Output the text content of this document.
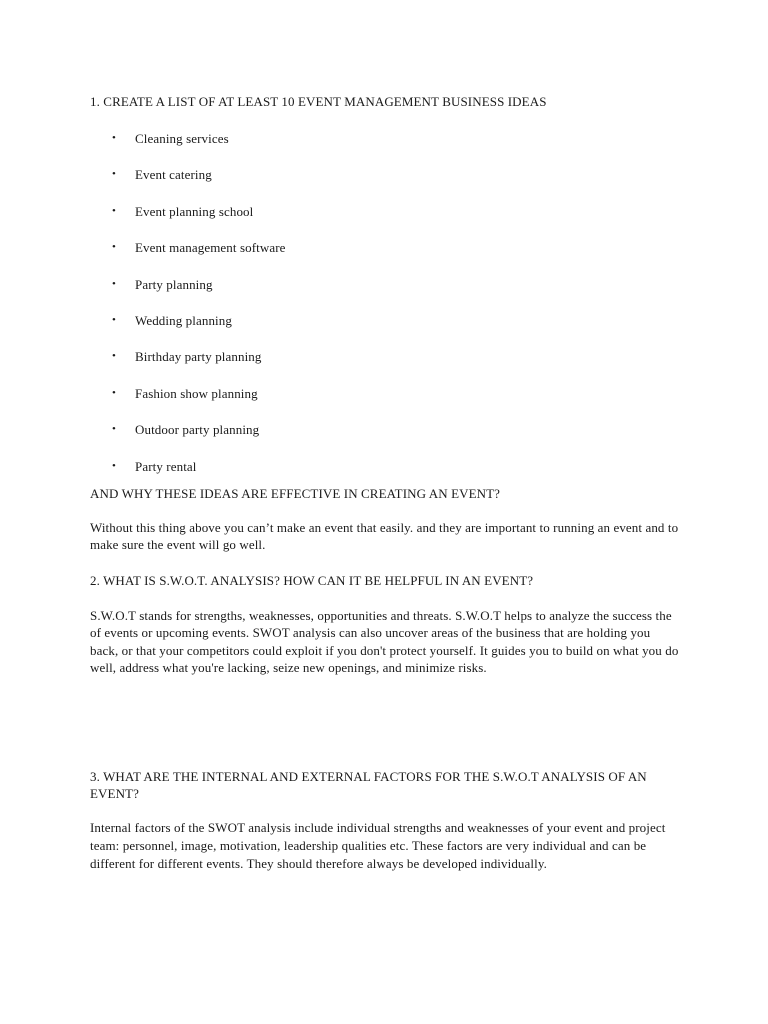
1. CREATE A LIST OF AT LEAST 10 EVENT MANAGEMENT BUSINESS IDEAS
• Cleaning services
• Event catering
• Event planning school
• Event management software
• Party planning
• Wedding planning
• Birthday party planning
• Fashion show planning
• Outdoor party planning
• Party rental
AND WHY THESE IDEAS ARE EFFECTIVE IN CREATING AN EVENT?

Without this thing above you can’t make an event that easily. and they are important to running an event and to make sure the event will go well.

2. WHAT IS S.W.O.T. ANALYSIS? HOW CAN IT BE HELPFUL IN AN EVENT?

S.W.O.T stands for strengths, weaknesses, opportunities and threats. S.W.O.T helps to analyze the success the of events or upcoming events. SWOT analysis can also uncover areas of the business that are holding you back, or that your competitors could exploit if you don't protect yourself. It guides you to build on what you do well, address what you're lacking, seize new openings, and minimize risks.

3. WHAT ARE THE INTERNAL AND EXTERNAL FACTORS FOR THE S.W.O.T ANALYSIS OF AN EVENT?

Internal factors of the SWOT analysis include individual strengths and weaknesses of your event and project team: personnel, image, motivation, leadership qualities etc. These factors are very individual and can be different for different events. They should therefore always be developed individually.
